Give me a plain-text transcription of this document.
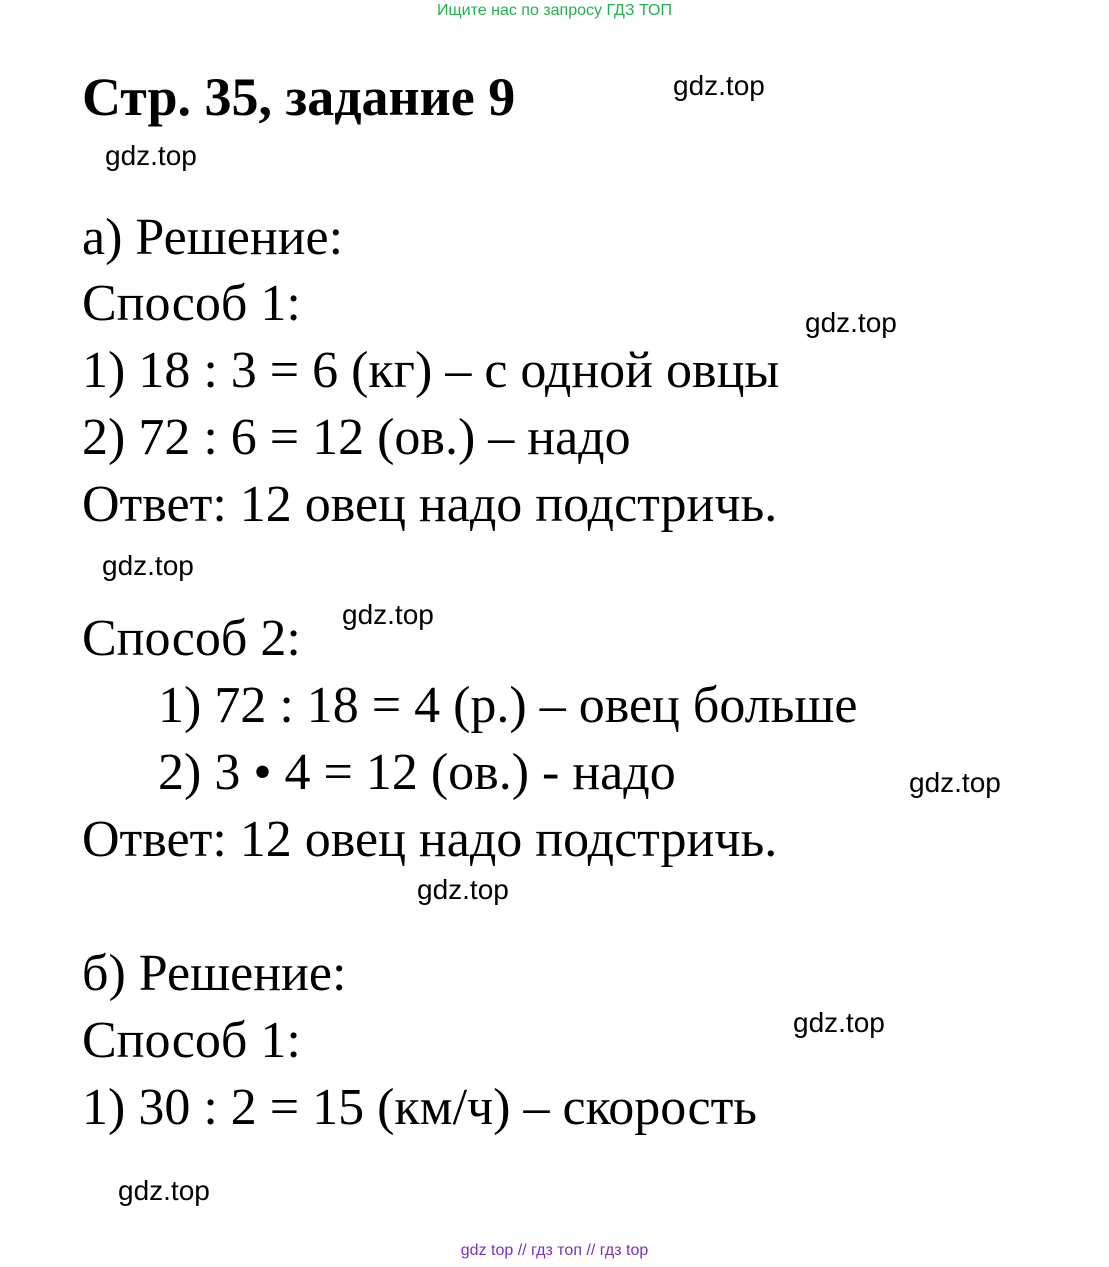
Ищите нас по запросу ГДЗ ТОП
Стр. 35, задание 9	gdz.top
gdz.top
gdz.top
gdz.top
gdz.top
gdz.top
gdz.top
gdz.top
gdz.top
а) Решение:
Способ 1:
1) 18 : 3 = 6 (кг) – с одной овцы
2) 72 : 6 = 12 (ов.) – надо
Ответ: 12 овец надо подстричь.
Способ 2:
1) 72 : 18 = 4 (р.) – овец больше
2) 3 • 4 = 12 (ов.) - надо
Ответ: 12 овец надо подстричь.
б) Решение:
Способ 1:
1) 30 : 2 = 15 (км/ч) – скорость
gdz top // гдз топ // гдз top
